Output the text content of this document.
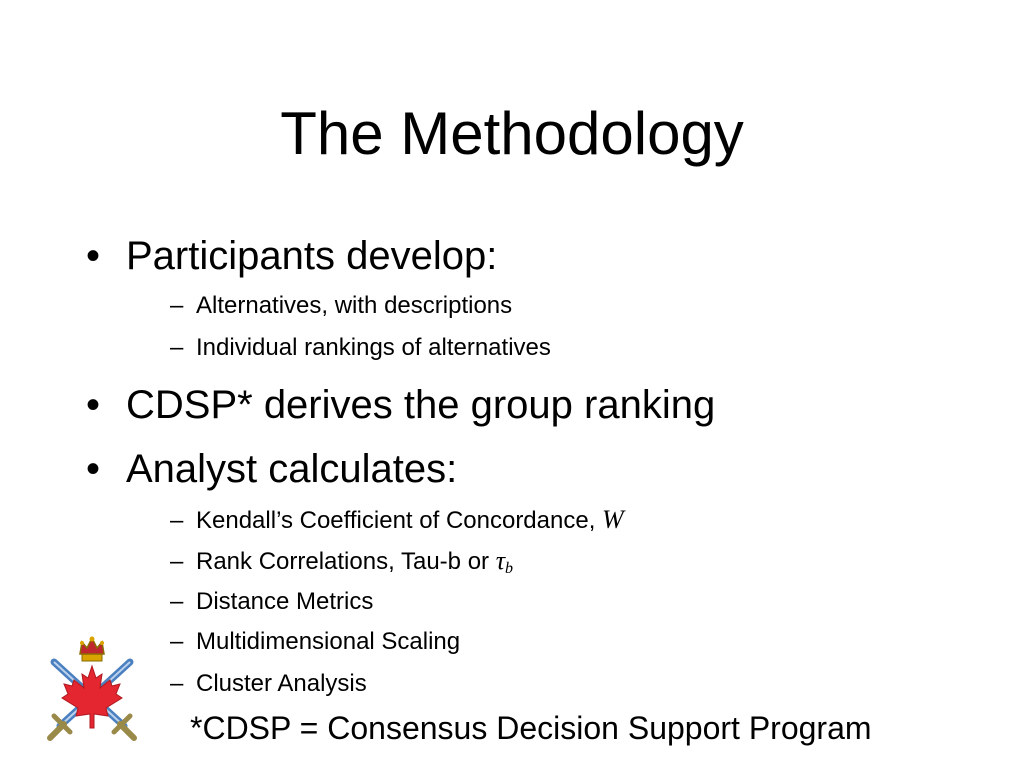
The Methodology
• Participants develop:
– Alternatives, with descriptions
– Individual rankings of alternatives
• CDSP* derives the group ranking
• Analyst calculates:
– Kendall’s Coefficient of Concordance, W
– Rank Correlations, Tau-b or $\tau_b$
– Distance Metrics
– Multidimensional Scaling
– Cluster Analysis
*CDSP = Consensus Decision Support Program
